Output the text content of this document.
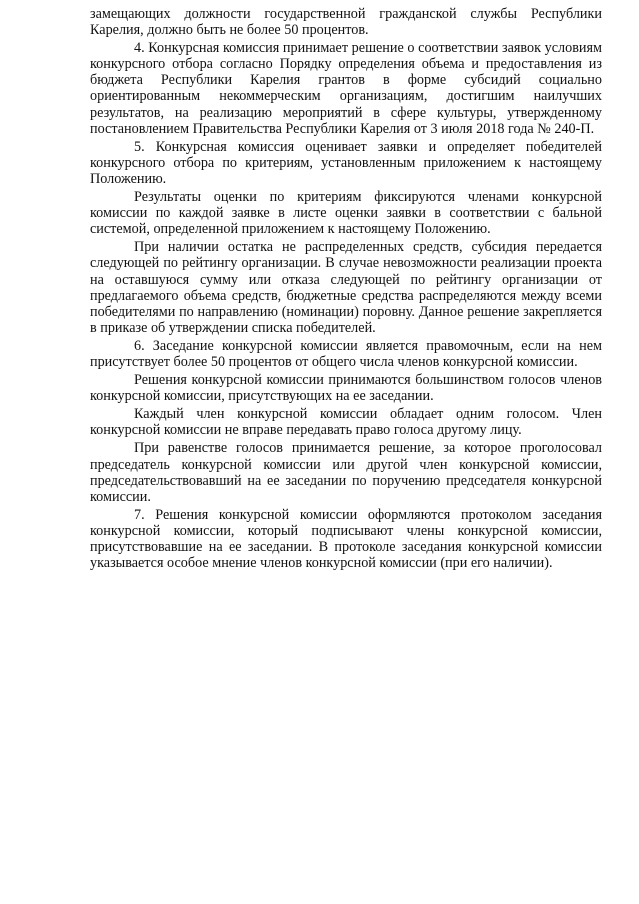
замещающих должности государственной гражданской службы Республики Карелия, должно быть не более 50 процентов.

4. Конкурсная комиссия принимает решение о соответствии заявок условиям конкурсного отбора согласно Порядку определения объема и предоставления из бюджета Республики Карелия грантов в форме субсидий социально ориентированным некоммерческим организациям, достигшим наилучших результатов, на реализацию мероприятий в сфере культуры, утвержденному постановлением Правительства Республики Карелия от 3 июля 2018 года № 240-П.

5. Конкурсная комиссия оценивает заявки и определяет победителей конкурсного отбора по критериям, установленным приложением к настоящему Положению.

Результаты оценки по критериям фиксируются членами конкурсной комиссии по каждой заявке в листе оценки заявки в соответствии с бальной системой, определенной приложением к настоящему Положению.

При наличии остатка не распределенных средств, субсидия передается следующей по рейтингу организации. В случае невозможности реализации проекта на оставшуюся сумму или отказа следующей по рейтингу организации от предлагаемого объема средств, бюджетные средства распределяются между всеми победителями по направлению (номинации) поровну. Данное решение закрепляется в приказе об утверждении списка победителей.

6. Заседание конкурсной комиссии является правомочным, если на нем присутствует более 50 процентов от общего числа членов конкурсной комиссии.

Решения конкурсной комиссии принимаются большинством голосов членов конкурсной комиссии, присутствующих на ее заседании.

Каждый член конкурсной комиссии обладает одним голосом. Член конкурсной комиссии не вправе передавать право голоса другому лицу.

При равенстве голосов принимается решение, за которое проголосовал председатель конкурсной комиссии или другой член конкурсной комиссии, председательствовавший на ее заседании по поручению председателя конкурсной комиссии.

7. Решения конкурсной комиссии оформляются протоколом заседания конкурсной комиссии, который подписывают члены конкурсной комиссии, присутствовавшие на ее заседании. В протоколе заседания конкурсной комиссии указывается особое мнение членов конкурсной комиссии (при его наличии).
